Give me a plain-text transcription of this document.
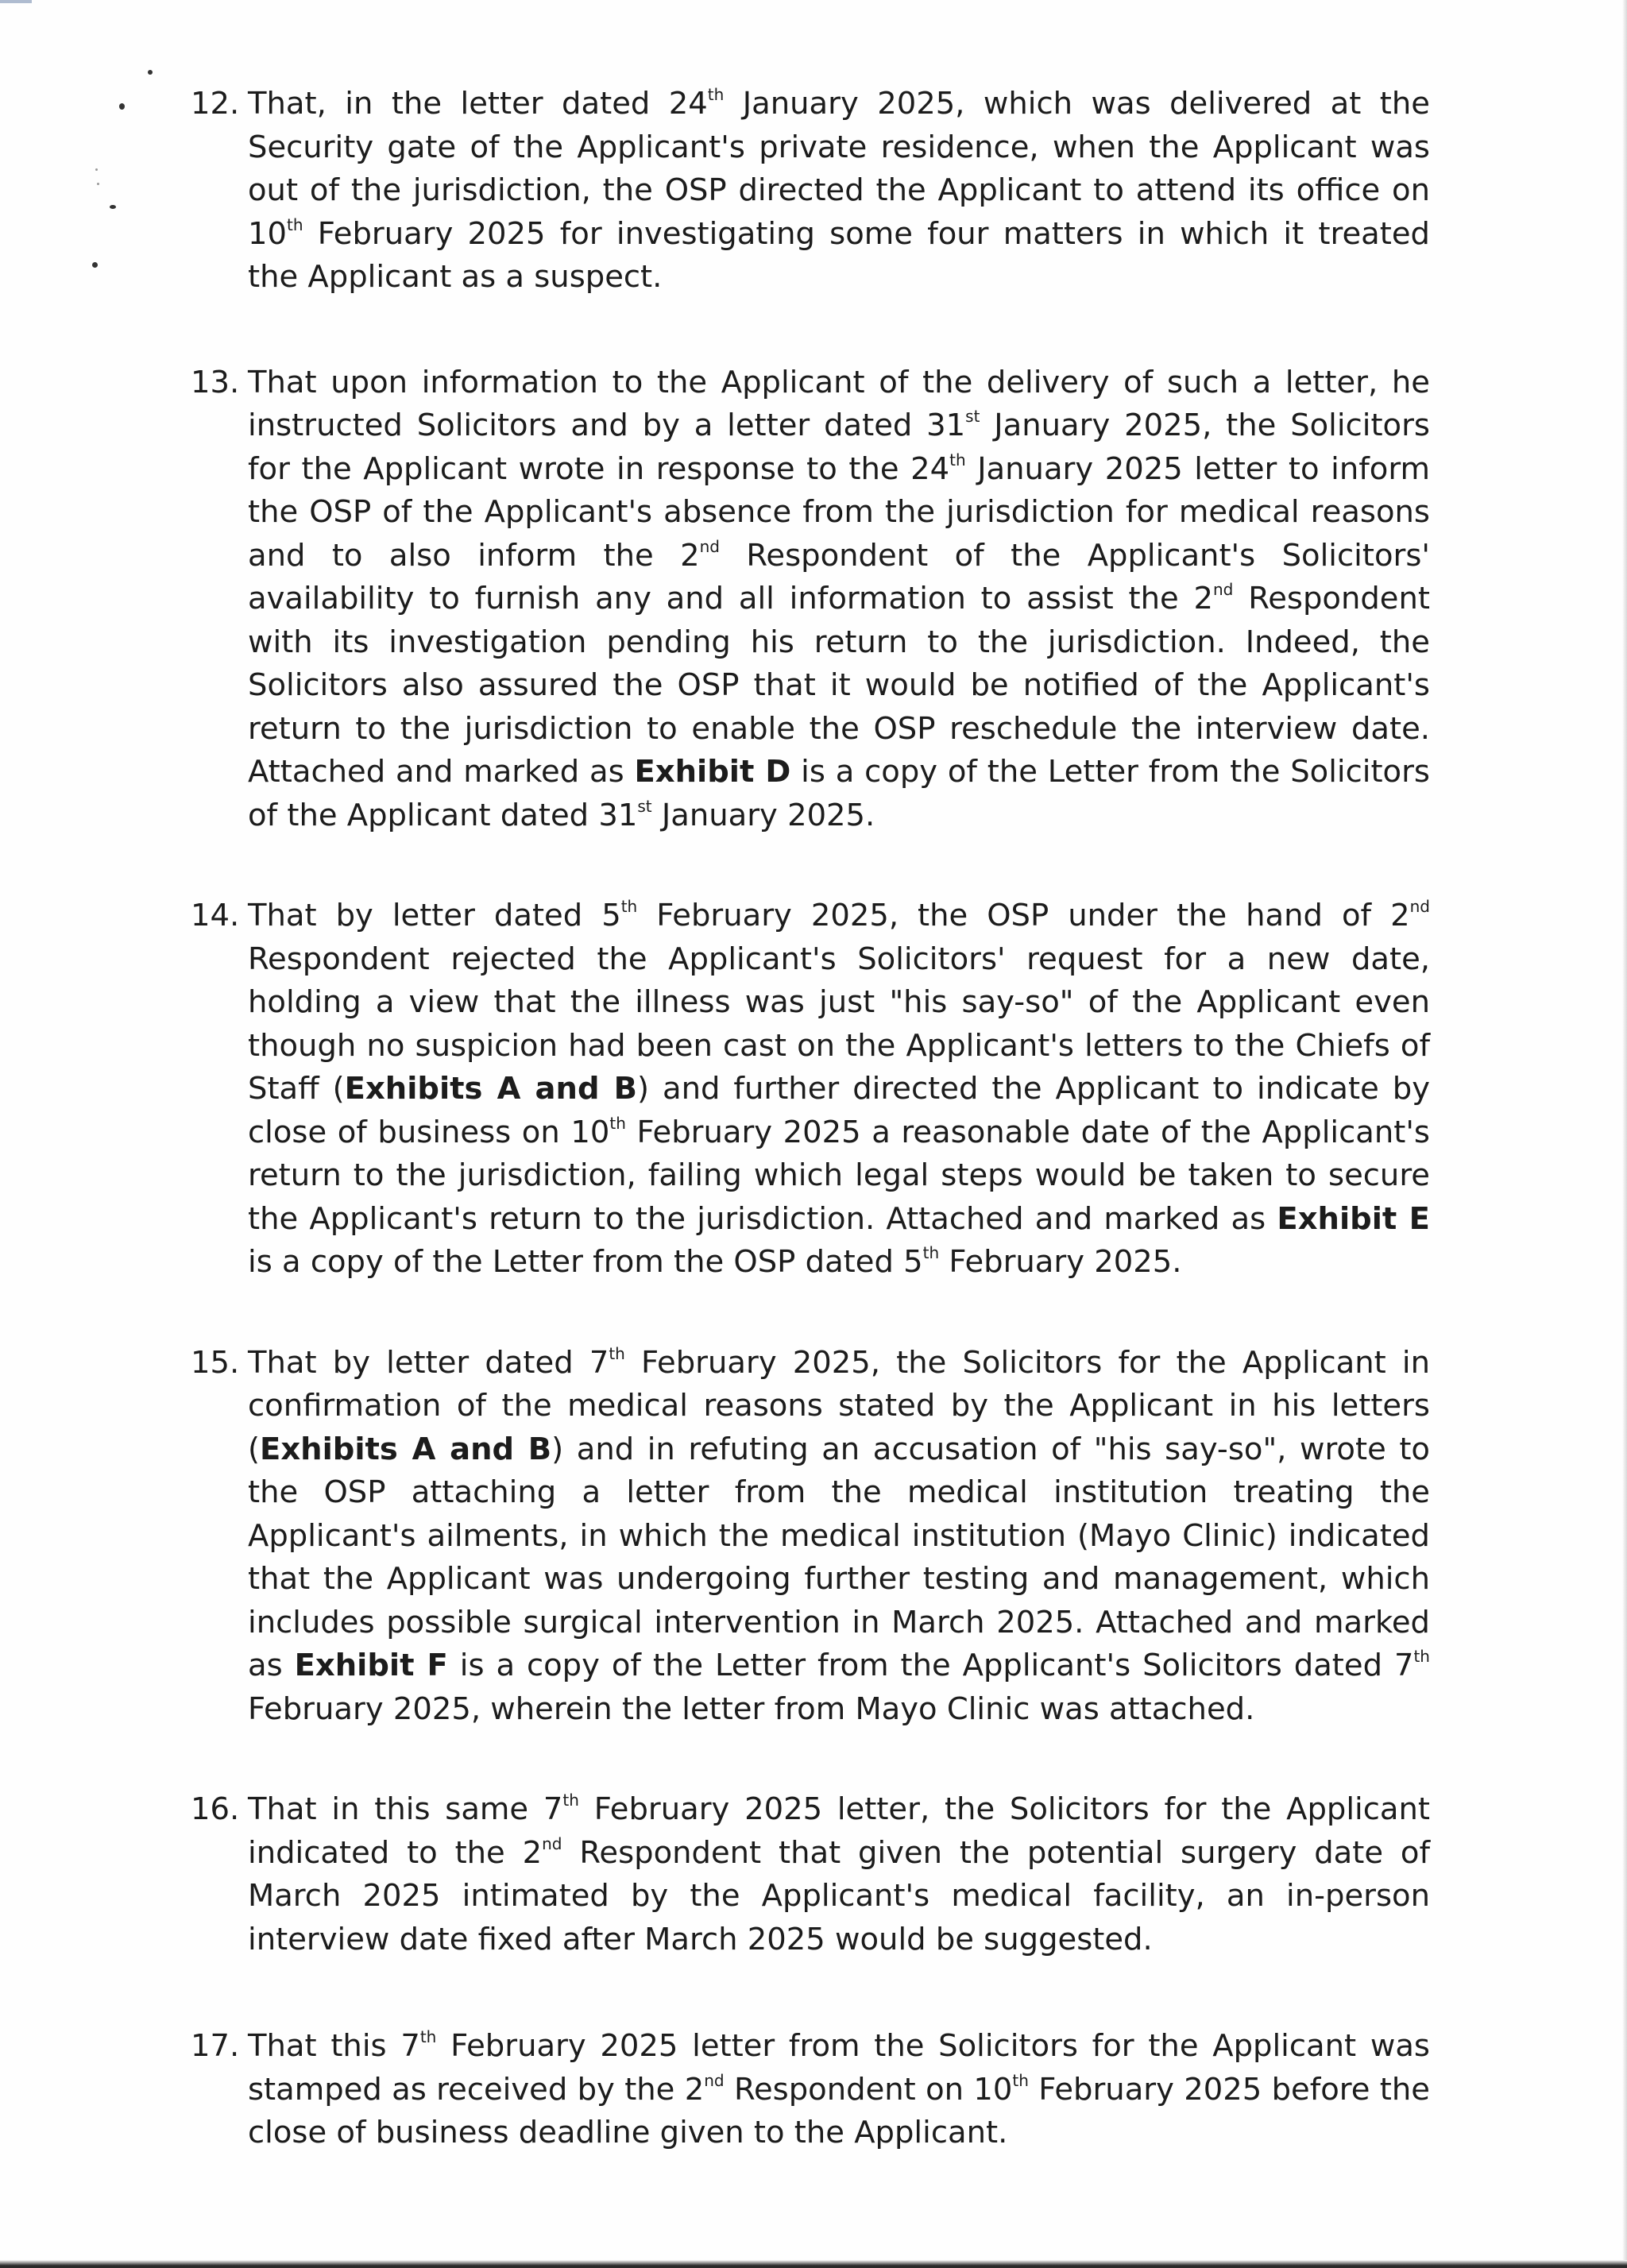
12. That, in the letter dated 24th January 2025, which was delivered at the Security gate of the Applicant's private residence, when the Applicant was out of the jurisdiction, the OSP directed the Applicant to attend its office on 10th February 2025 for investigating some four matters in which it treated the Applicant as a suspect.
13. That upon information to the Applicant of the delivery of such a letter, he instructed Solicitors and by a letter dated 31st January 2025, the Solicitors for the Applicant wrote in response to the 24th January 2025 letter to inform the OSP of the Applicant's absence from the jurisdiction for medical reasons and to also inform the 2nd Respondent of the Applicant's Solicitors' availability to furnish any and all information to assist the 2nd Respondent with its investigation pending his return to the jurisdiction. Indeed, the Solicitors also assured the OSP that it would be notified of the Applicant's return to the jurisdiction to enable the OSP reschedule the interview date. Attached and marked as Exhibit D is a copy of the Letter from the Solicitors of the Applicant dated 31st January 2025.
14. That by letter dated 5th February 2025, the OSP under the hand of 2nd Respondent rejected the Applicant's Solicitors' request for a new date, holding a view that the illness was just "his say-so" of the Applicant even though no suspicion had been cast on the Applicant's letters to the Chiefs of Staff (Exhibits A and B) and further directed the Applicant to indicate by close of business on 10th February 2025 a reasonable date of the Applicant's return to the jurisdiction, failing which legal steps would be taken to secure the Applicant's return to the jurisdiction. Attached and marked as Exhibit E is a copy of the Letter from the OSP dated 5th February 2025.
15. That by letter dated 7th February 2025, the Solicitors for the Applicant in confirmation of the medical reasons stated by the Applicant in his letters (Exhibits A and B) and in refuting an accusation of "his say-so", wrote to the OSP attaching a letter from the medical institution treating the Applicant's ailments, in which the medical institution (Mayo Clinic) indicated that the Applicant was undergoing further testing and management, which includes possible surgical intervention in March 2025. Attached and marked as Exhibit F is a copy of the Letter from the Applicant's Solicitors dated 7th February 2025, wherein the letter from Mayo Clinic was attached.
16. That in this same 7th February 2025 letter, the Solicitors for the Applicant indicated to the 2nd Respondent that given the potential surgery date of March 2025 intimated by the Applicant's medical facility, an in-person interview date fixed after March 2025 would be suggested.
17. That this 7th February 2025 letter from the Solicitors for the Applicant was stamped as received by the 2nd Respondent on 10th February 2025 before the close of business deadline given to the Applicant.
